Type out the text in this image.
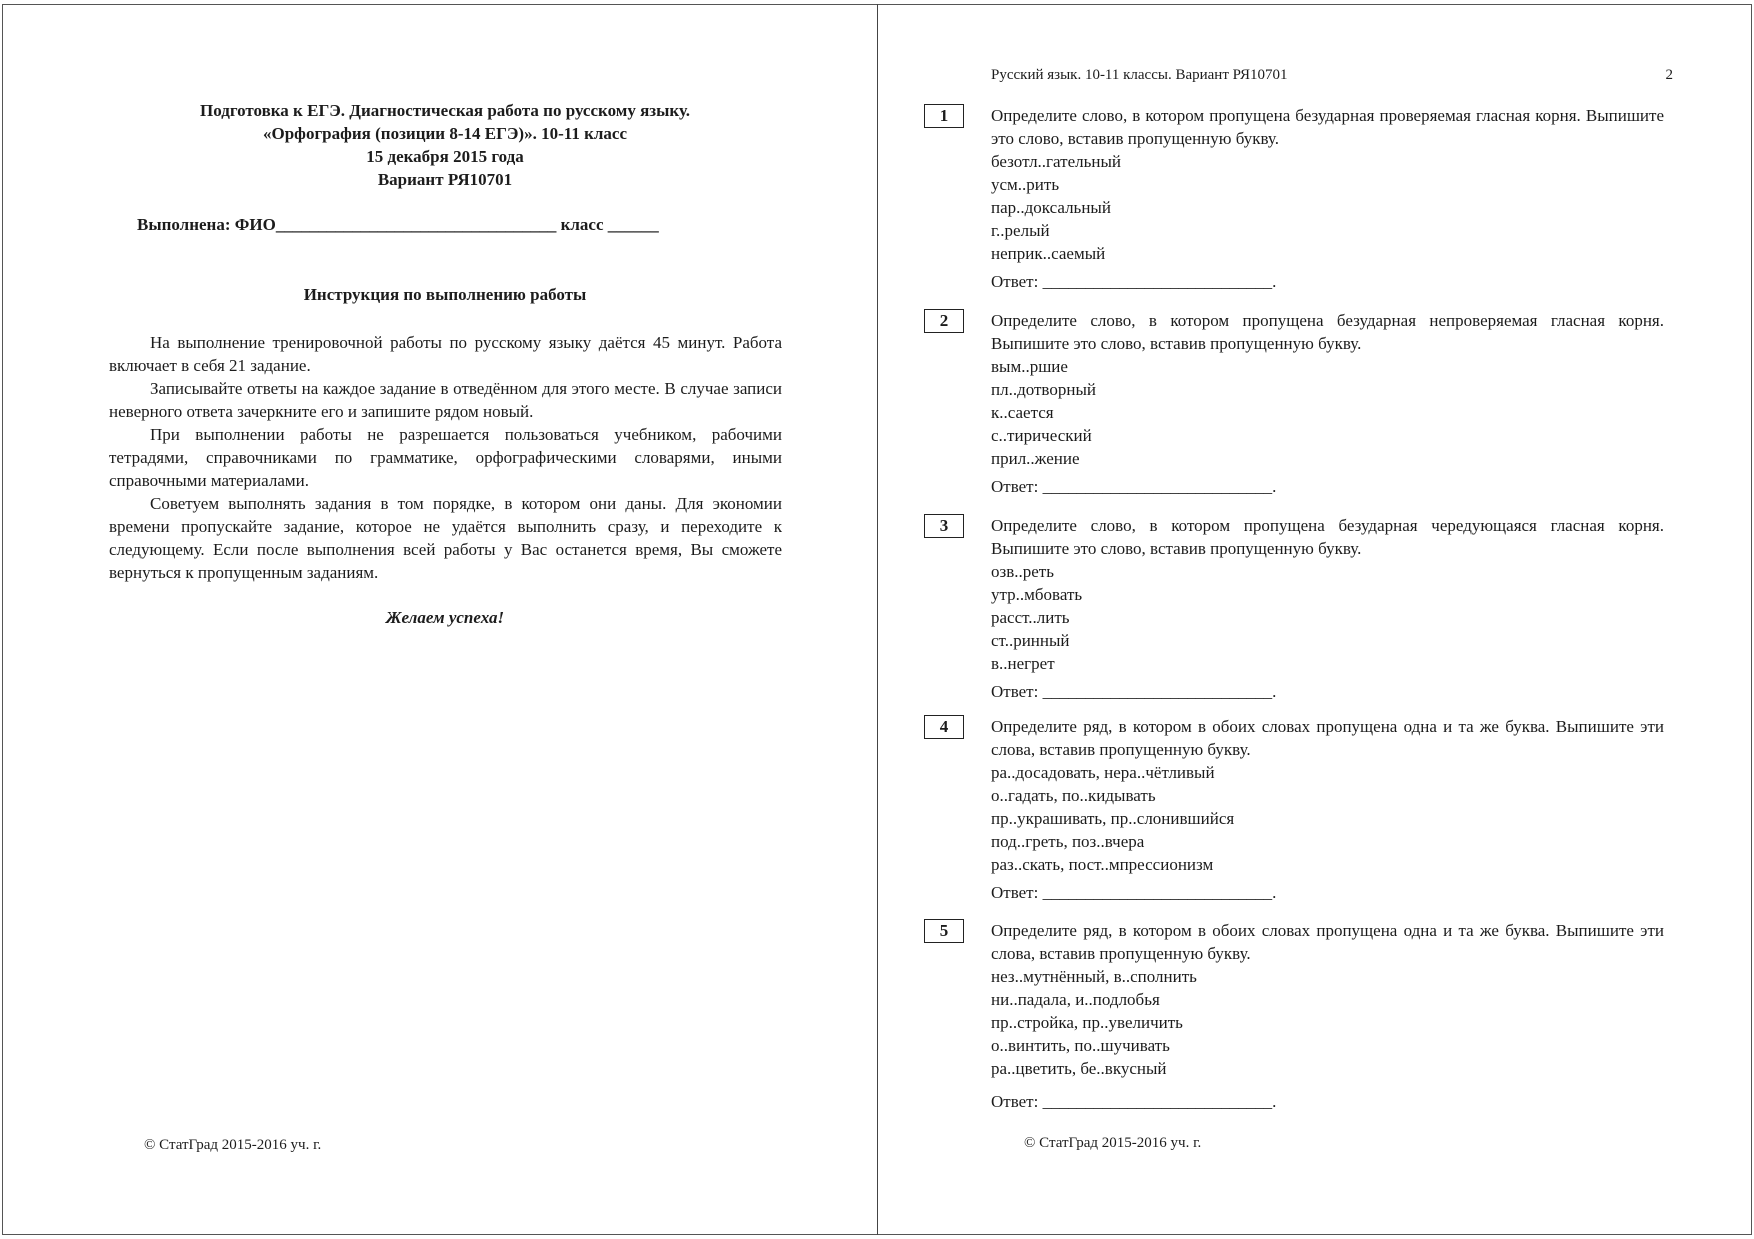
Подготовка к ЕГЭ. Диагностическая работа по русскому языку.
«Орфография (позиции 8-14 ЕГЭ)». 10-11 класс
15 декабря 2015 года
Вариант РЯ10701
Выполнена: ФИО_________________________________ класс ______
Инструкция по выполнению работы

На выполнение тренировочной работы по русскому языку даётся 45 минут. Работа включает в себя 21 задание.

Записывайте ответы на каждое задание в отведённом для этого месте. В случае записи неверного ответа зачеркните его и запишите рядом новый.

При выполнении работы не разрешается пользоваться учебником, рабочими тетрадями, справочниками по грамматике, орфографическими словарями, иными справочными материалами.

Советуем выполнять задания в том порядке, в котором они даны. Для экономии времени пропускайте задание, которое не удаётся выполнить сразу, и переходите к следующему. Если после выполнения всей работы у Вас останется время, Вы сможете вернуться к пропущенным заданиям.

Желаем успеха!
© СтатГрад 2015-2016 уч. г.
Русский язык. 10-11 классы. Вариант РЯ10701	2
1	Определите слово, в котором пропущена безударная проверяемая гласная корня. Выпишите это слово, вставив пропущенную букву.
безотл..гательный
усм..рить
пар..доксальный
г..релый
неприк..саемый
Ответ: ___________________________.
2	Определите слово, в котором пропущена безударная непроверяемая гласная корня. Выпишите это слово, вставив пропущенную букву.
вым..ршие
пл..дотворный
к..сается
с..тирический
прил..жение
Ответ: ___________________________.
3	Определите слово, в котором пропущена безударная чередующаяся гласная корня. Выпишите это слово, вставив пропущенную букву.
озв..реть
утр..мбовать
расст..лить
ст..ринный
в..негрет
Ответ: ___________________________.
4	Определите ряд, в котором в обоих словах пропущена одна и та же буква. Выпишите эти слова, вставив пропущенную букву.
ра..досадовать, нера..чётливый
о..гадать, по..кидывать
пр..украшивать, пр..слонившийся
под..греть, поз..вчера
раз..скать, пост..мпрессионизм
Ответ: ___________________________.
5	Определите ряд, в котором в обоих словах пропущена одна и та же буква. Выпишите эти слова, вставив пропущенную букву.
нез..мутнённый, в..сполнить
ни..падала, и..подлобья
пр..стройка, пр..увеличить
о..винтить, по..шучивать
ра..цветить, бе..вкусный
Ответ: ___________________________.
© СтатГрад 2015-2016 уч. г.
